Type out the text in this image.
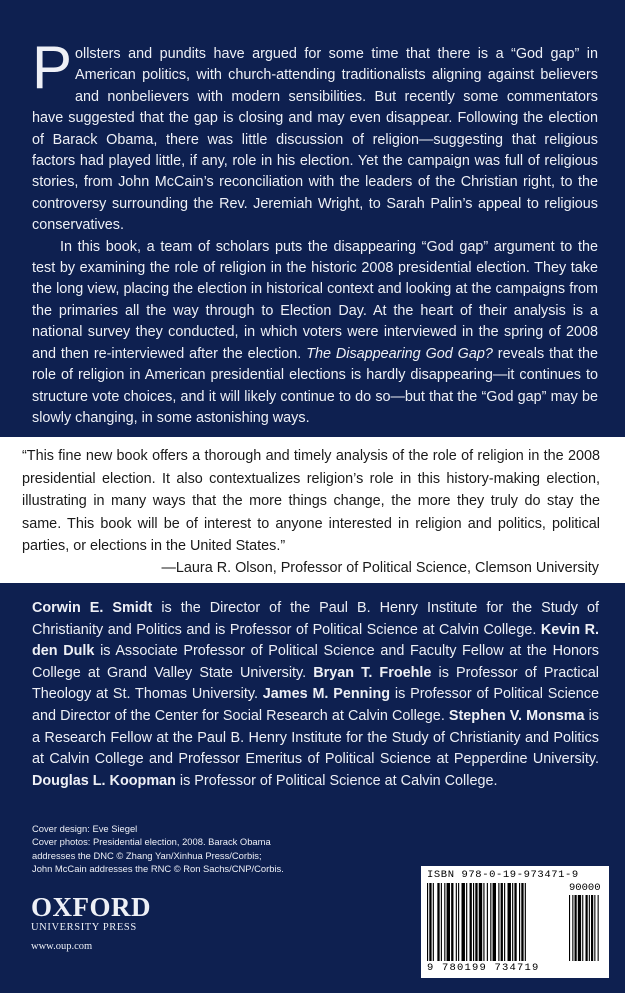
Pollsters and pundits have argued for some time that there is a “God gap” in American politics, with church-attending traditionalists aligning against believers and nonbelievers with modern sensibilities. But recently some commentators have suggested that the gap is closing and may even disappear. Following the election of Barack Obama, there was little discussion of religion—suggesting that religious factors had played little, if any, role in his election. Yet the campaign was full of religious stories, from John McCain’s reconciliation with the leaders of the Christian right, to the controversy surrounding the Rev. Jeremiah Wright, to Sarah Palin’s appeal to religious conservatives.

In this book, a team of scholars puts the disappearing “God gap” argument to the test by examining the role of religion in the historic 2008 presidential election. They take the long view, placing the election in historical context and looking at the campaigns from the primaries all the way through to Election Day. At the heart of their analysis is a national survey they conducted, in which voters were interviewed in the spring of 2008 and then re-interviewed after the election. The Disappearing God Gap? reveals that the role of religion in American presidential elections is hardly disappearing—it continues to structure vote choices, and it will likely continue to do so—but that the “God gap” may be slowly changing, in some astonishing ways.

“This fine new book offers a thorough and timely analysis of the role of religion in the 2008 presidential election. It also contextualizes religion’s role in this history-making election, illustrating in many ways that the more things change, the more they truly do stay the same. This book will be of interest to anyone interested in religion and politics, political parties, or elections in the United States.”

—Laura R. Olson, Professor of Political Science, Clemson University

Corwin E. Smidt is the Director of the Paul B. Henry Institute for the Study of Christianity and Politics and is Professor of Political Science at Calvin College. Kevin R. den Dulk is Associate Professor of Political Science and Faculty Fellow at the Honors College at Grand Valley State University. Bryan T. Froehle is Professor of Practical Theology at St. Thomas University. James M. Penning is Professor of Political Science and Director of the Center for Social Research at Calvin College. Stephen V. Monsma is a Research Fellow at the Paul B. Henry Institute for the Study of Christianity and Politics at Calvin College and Professor Emeritus of Political Science at Pepperdine University. Douglas L. Koopman is Professor of Political Science at Calvin College.

Cover design: Eve Siegel
Cover photos: Presidential election, 2008. Barack Obama
addresses the DNC © Zhang Yan/Xinhua Press/Corbis;
John McCain addresses the RNC © Ron Sachs/CNP/Corbis.
OXFORD
UNIVERSITY PRESS
www.oup.com
ISBN 978-0-19-973471-9
90000
9 780199 734719
